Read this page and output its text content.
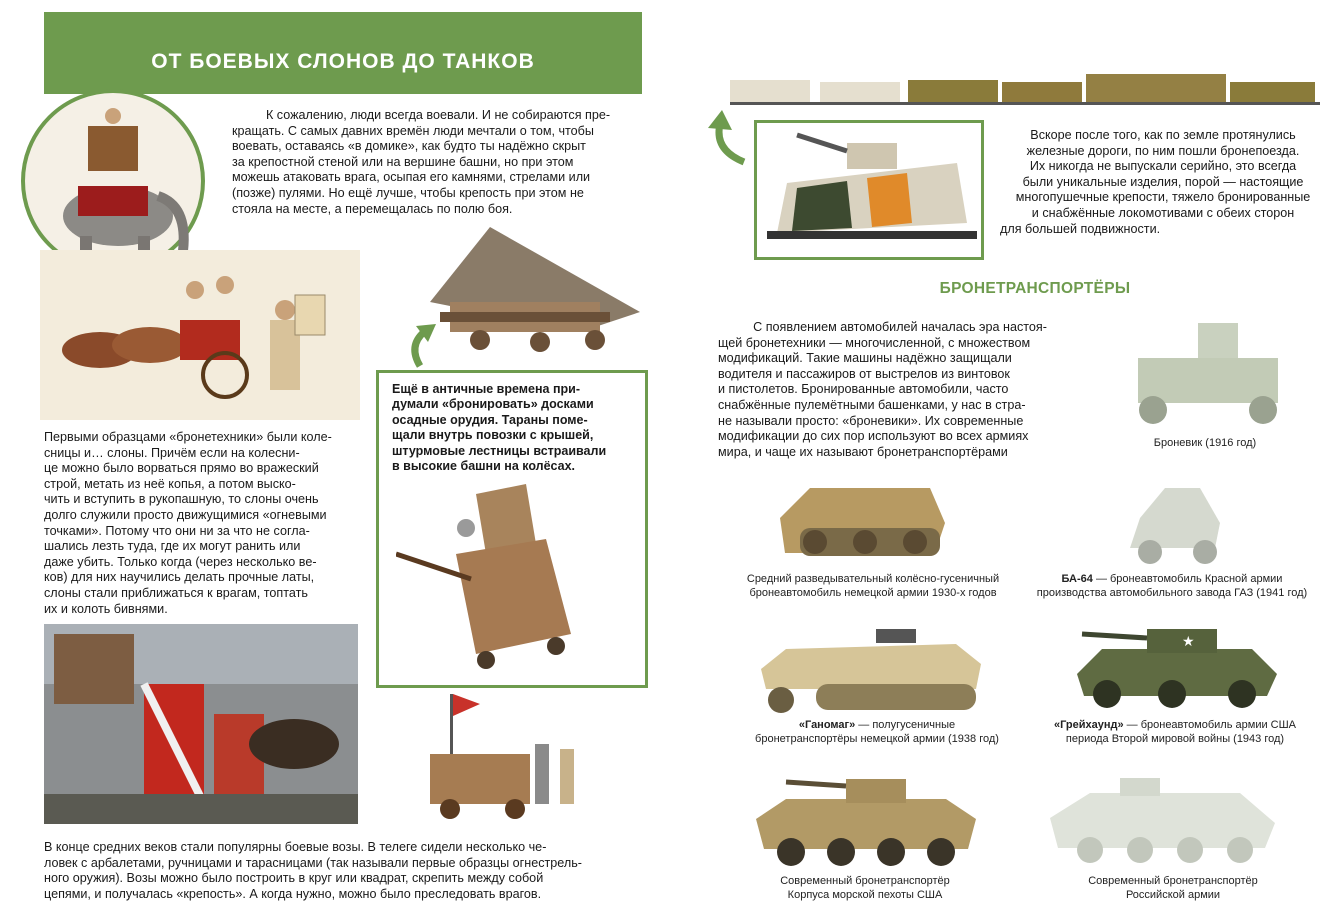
ОТ БОЕВЫХ СЛОНОВ ДО ТАНКОВ

К сожалению, люди всегда воевали. И не собираются пре-

кращать. С самых давних времён люди мечтали о том, чтобы

воевать, оставаясь «в домике», как будто ты надёжно скрыт

за крепостной стеной или на вершине башни, но при этом

можешь атаковать врага, осыпая его камнями, стрелами или

(позже) пулями. Но ещё лучше, чтобы крепость при этом не

стояла на месте, а перемещалась по полю боя.

Первыми образцами «бронетехники» были коле-

сницы и… слоны. Причём если на колесни-

це можно было ворваться прямо во вражеский

строй, метать из неё копья, а потом выско-

чить и вступить в рукопашную, то слоны очень

долго служили просто движущимися «огневыми

точками». Потому что они ни за что не согла-

шались лезть туда, где их могут ранить или

даже убить. Только когда (через несколько ве-

ков) для них научились делать прочные латы,

слоны стали приближаться к врагам, топтать

их и колоть бивнями.

Ещё в античные времена при-
думали «бронировать» досками
осадные орудия. Тараны поме-
щали внутрь повозки с крышей,
штурмовые лестницы встраивали
в высокие башни на колёсах.

В конце средних веков стали популярны боевые возы. В телеге сидели несколько че-

ловек с арбалетами, ручницами и тарасницами (так называли первые образцы огнестрель-

ного оружия). Возы можно было построить в круг или квадрат, скрепить между собой

цепями, и получалась «крепость». А когда нужно, можно было преследовать врагов.

Вскоре после того, как по земле протянулись

железные дороги, по ним пошли бронепоезда.

Их никогда не выпускали серийно, это всегда

были уникальные изделия, порой — настоящие

многопушечные крепости, тяжело бронированные

и снабжённые локомотивами с обеих сторон

для большей подвижности.

БРОНЕТРАНСПОРТЁРЫ

С появлением автомобилей началась эра настоя-

щей бронетехники — многочисленной, с множеством

модификаций. Такие машины надёжно защищали

водителя и пассажиров от выстрелов из винтовок

и пистолетов. Бронированные автомобили, часто

снабжённые пулемётными башенками, у нас в стра-

не называли просто: «броневики». Их современные

модификации до сих пор используют во всех армиях

мира, и чаще их называют бронетранспортёрами

Броневик (1916 год)
Средний разведывательный колёсно-гусеничный
бронеавтомобиль немецкой армии 1930-х годов
БА-64 — бронеавтомобиль Красной армии
производства автомобильного завода ГАЗ (1941 год)
«Ганомаг» — полугусеничные
бронетранспортёры немецкой армии (1938 год)
★
«Грейхаунд» — бронеавтомобиль армии США
периода Второй мировой войны (1943 год)
Современный бронетранспортёр
Корпуса морской пехоты США
Современный бронетранспортёр
Российской армии
